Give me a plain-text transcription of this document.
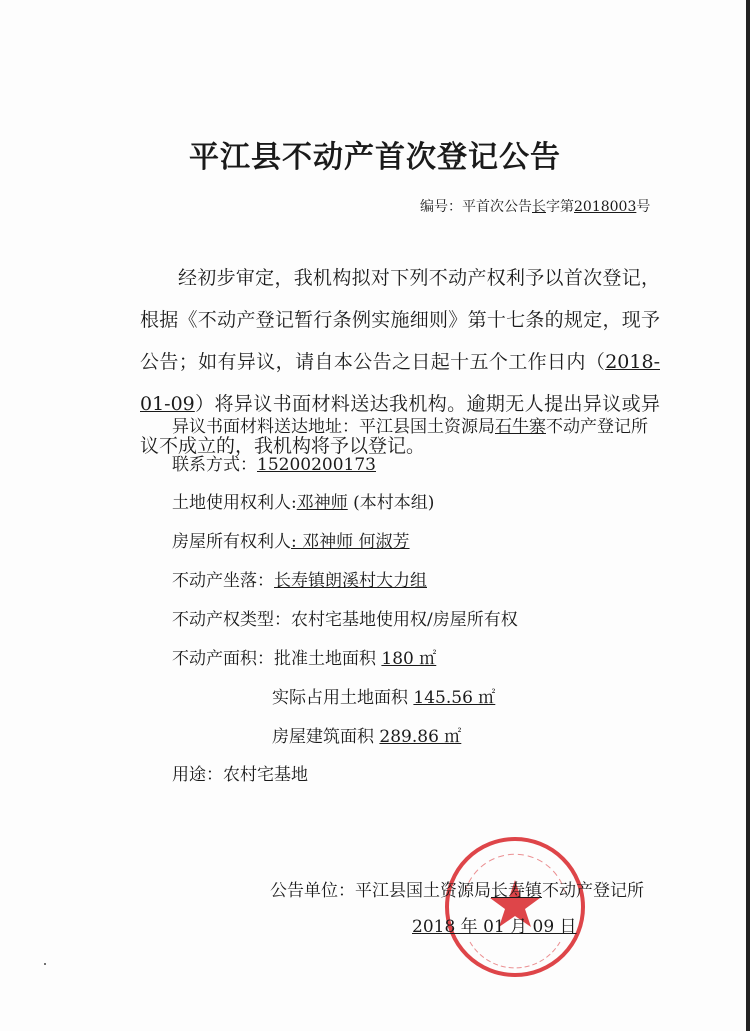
平江县不动产首次登记公告
编号：平首次公告长字第2018003号
经初步审定，我机构拟对下列不动产权利予以首次登记，根据《不动产登记暂行条例实施细则》第十七条的规定，现予公告；如有异议，请自本公告之日起十五个工作日内（2018-01-09）将异议书面材料送达我机构。逾期无人提出异议或异议不成立的，我机构将予以登记。
异议书面材料送达地址：平江县国土资源局石牛寨不动产登记所
联系方式：15200200173
土地使用权利人:邓神师 (本村本组)
房屋所有权利人: 邓神师 何淑芳
不动产坐落：长寿镇朗溪村大力组
不动产权类型：农村宅基地使用权/房屋所有权
不动产面积：批准土地面积 180 ㎡
实际占用土地面积 145.56 ㎡
房屋建筑面积 289.86 ㎡
用途：农村宅基地
公告单位：平江县国土资源局长寿镇不动产登记所
2018 年 01 月 09 日
